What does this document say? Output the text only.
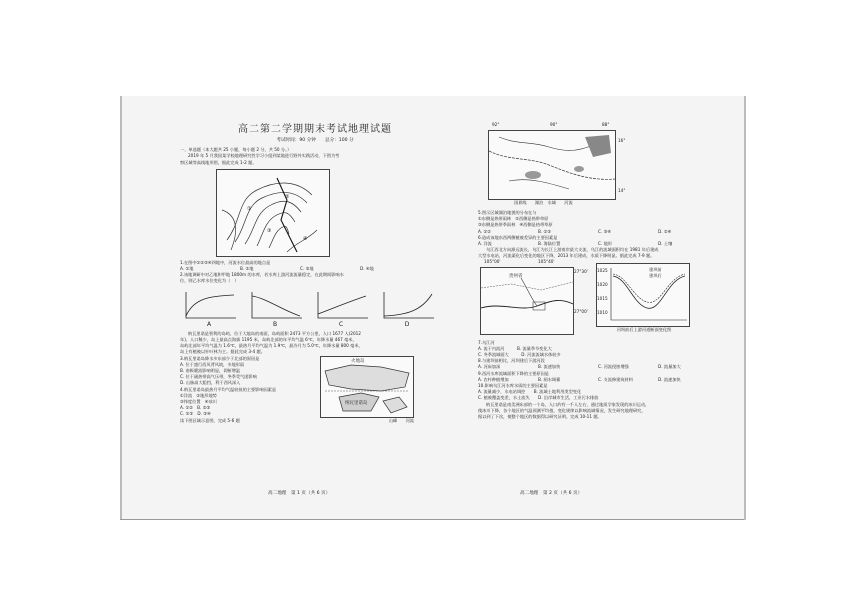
高二第二学期期末考试地理试题
考试时间：90 分钟　　总分：100 分
一、单选题（本大题共 25 小题，每小题 2 分，共 50 分。）
2019 年 5 月我国某学校地理研究性学习小组到某地进行野外实践活动，下图为考
察区域等高线地形图，据此完成 1-2 题。
①
②
③
④
1.在图中①②③④四地中，河流水位最高的地点是
A. ①地	B. ②地	C. ③地	D. ④地
2.该地调研中对乙地和甲地 1800m 的水库，若水库上游河流流量稳定，在此期间影响水
位，则乙水库水位变化为（　）
A	B	C	D
纳瓦里诺是智利的岛屿，位于大地岛的南面，岛屿面积 2473 平方公里，人口 1677 人(2012
年)，人口稀少，岛上最高点海拔 1195 米，岛屿北部的年平均气温 6℃，年降水量 467 毫米，
岛屿北部年平均气温为 1.6℃，最热月平均气温为 1.9℃，最冷月为 5.0℃，年降水量 800 毫米，
岛上有植被以针叶林为主。据此完成 3-4 题。
3.纳瓦里诺岛降水多东部少于北部的原因是
A. 位于盛行西风背风坡，多地形雨
B. 南极暖流影响明显，切断增温
C. 位于副热带高气压带，冬季受气团影响
D. 山脉高大阻挡，利于西风深入
4.纳瓦里诺岛最热月平均气温较低的主要影响因素是
①洋流　 ②地形地势
③纬度位置　 ④冰川
A. ①②　 B. ②③
C. ①③　 D. ③④
读下图区域示意图，完成 5-6 题
火地岛
纳瓦里诺岛
山峰　　河流
高二地理　第 1 页（共 6 页）
92°	90°	88°
16°
14°
国界线　　湖泊　水域　　河流
5.图示区域湖泊地貌的分布在与
①东侧是热带雨林　 ②西侧是热带草原
③东侧是热带季雨林　 ④西侧是热带草原
A. ①②	B. ①③	C. ③④	D. ②④
6.造成该地东西两侧植被差异的主要因素是
A. 洋流	B. 海陆位置	C. 地形	D. 土壤
乌江西北方向源远流长，乌江为长江上游南岸最大支流，乌江的流域面积均在 1981 年后建成
大型水电站，河流渠化后变化的地区下降，2013 年后建成，水质下降明显。据此完成 7-9 题。
105°00'	105°40'
贵州省
27°30'
27°00'
1025
1020
1015
1010
建坝前
建坝后
河坝前后上游河道断面变化图
7.乌江河
A. 流于内流河　　　	B. 流量季节变化大
C. 冬季流域面大　　　	D. 河流流域水体较多
8.与建坝前相比，河坝建后下游河段
A. 河床加深	B. 流速加快	C. 河流侵蚀增强	D. 流量加大
9.西河水库流域面积下降的主要原因是
A. 农村种植增加	B. 闸水调蓄	C. 支流修建筑材料	D. 流速加快
10.影响乌江河水库水质的主要因素是
A. 流量减少，水电站调控　　 B. 流域土地利用类型变化
C. 植被覆盖变差，水土流失　　 D. 沿岸城市生活，工业污水排放
纳瓦里诺是南美洲东部的一个岛，人口约有一千人左右，通过地质学家发现的冰川运动，
使冰川下降，各个地区的气温预测平均值，变化规律以影响流域情况，发生研究地理研究，
据以到了下次，使整个地区的数据得以研究证明。完成 10-11 题。
高二地理　第 2 页（共 6 页）
